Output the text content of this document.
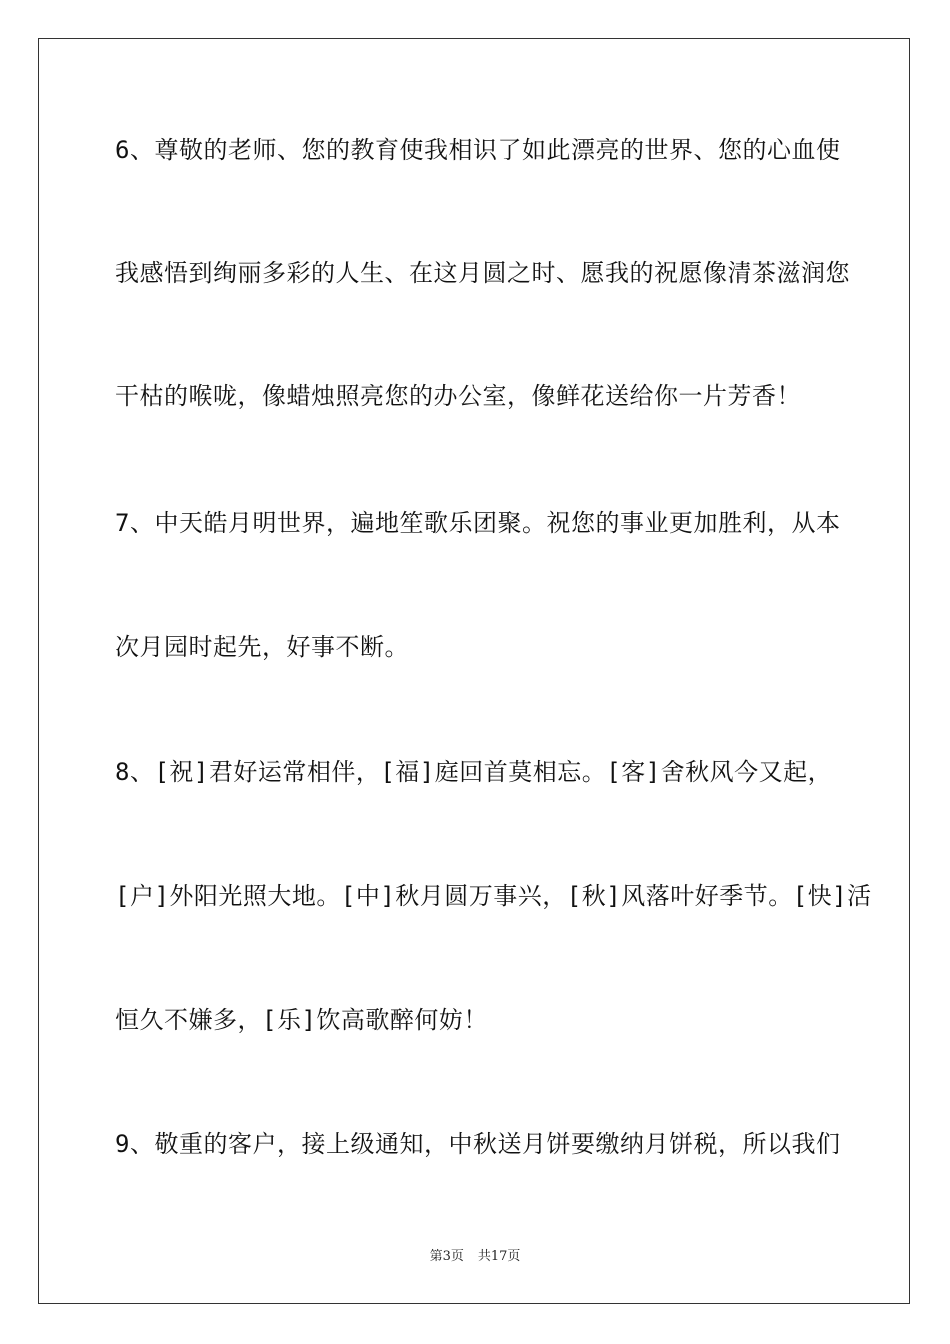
6、尊敬的老师、您的教育使我相识了如此漂亮的世界、您的心血使
我感悟到绚丽多彩的人生、在这月圆之时、愿我的祝愿像清茶滋润您
干枯的喉咙，像蜡烛照亮您的办公室，像鲜花送给你一片芳香！
7、中天皓月明世界，遍地笙歌乐团聚。祝您的事业更加胜利，从本
次月园时起先，好事不断。
8、[祝]君好运常相伴，[福]庭回首莫相忘。[客]舍秋风今又起，
[户]外阳光照大地。[中]秋月圆万事兴，[秋]风落叶好季节。[快]活
恒久不嫌多，[乐]饮高歌醉何妨！
9、敬重的客户，接上级通知，中秋送月饼要缴纳月饼税，所以我们
第3页 共17页
